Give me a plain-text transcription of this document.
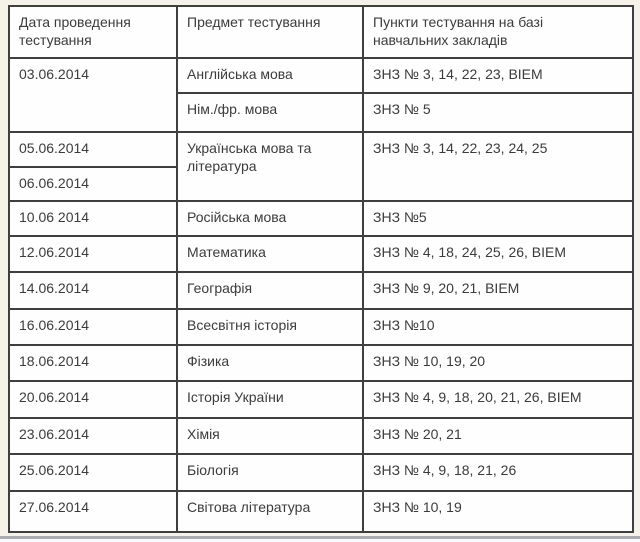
Дата проведення тестування	Предмет тестування	Пункти тестування на базі навчальних закладів
03.06.2014	Англійська мова	ЗНЗ № 3, 14, 22, 23, ВІЕМ
	Нім./фр. мова	ЗНЗ № 5
05.06.2014	Українська мова та література	ЗНЗ № 3, 14, 22, 23, 24, 25
06.06.2014		
10.06 2014	Російська мова	ЗНЗ №5
12.06.2014	Математика	ЗНЗ № 4, 18, 24, 25, 26, ВІЕМ
14.06.2014	Географія	ЗНЗ № 9, 20, 21, ВІЕМ
16.06.2014	Всесвітня історія	ЗНЗ №10
18.06.2014	Фізика	ЗНЗ № 10, 19, 20
20.06.2014	Історія України	ЗНЗ № 4, 9, 18, 20, 21, 26, ВІЕМ
23.06.2014	Хімія	ЗНЗ № 20, 21
25.06.2014	Біологія	ЗНЗ № 4, 9, 18, 21, 26
27.06.2014	Світова література	ЗНЗ № 10, 19
